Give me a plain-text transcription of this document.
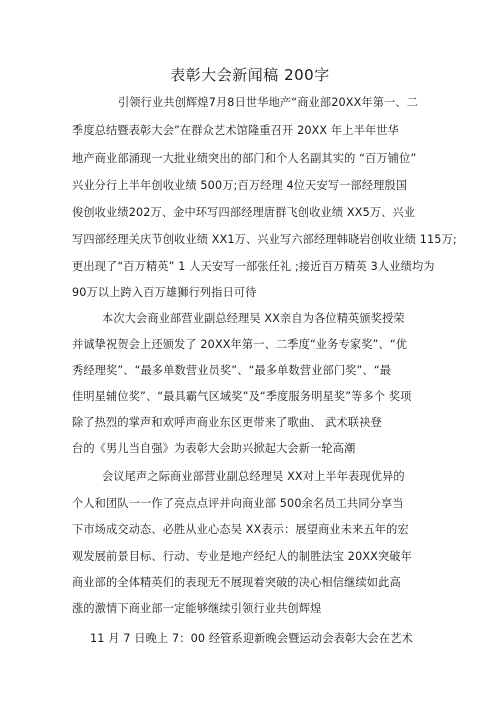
表彰大会新闻稿 200字
引领行业共创辉煌7月8日世华地产“商业部20XX年第一、二
季度总结暨表彰大会”在群众艺术馆隆重召开 20XX 年上半年世华
地产商业部涌现一大批业绩突出的部门和个人名副其实的 “百万铺位”
兴业分行上半年创收业绩 500万;百万经理 4位天安写一部经理殷国
俊创收业绩202万、金中环写四部经理唐群飞创收业绩 XX5万、兴业
写四部经理关庆节创收业绩 XX1万、兴业写六部经理韩晓岩创收业绩 115万;
更出现了“百万精英” 1 人天安写一部张任礼 ;接近百万精英 3人业绩均为
90万以上跨入百万雄狮行列指日可待
本次大会商业部营业副总经理吴 XX亲自为各位精英颁奖授荣
并诚挚祝贺会上还颁发了 20XX年第一、二季度“业务专家奖”、“优
秀经理奖”、“最多单数营业员奖”、“最多单数营业部门奖”、“最
佳明星辅位奖”、“最具霸气区域奖”及“季度服务明星奖”等多个 奖项
除了热烈的掌声和欢呼声商业东区更带来了歌曲、 武术联袂登
台的《男儿当自强》为表彰大会助兴掀起大会新一轮高潮
会议尾声之际商业部营业副总经理吴 XX对上半年表现优异的
个人和团队一一作了亮点点评并向商业部 500余名员工共同分享当
下市场成交动态、必胜从业心态吴 XX表示：展望商业未来五年的宏
观发展前景目标、行动、专业是地产经纪人的制胜法宝 20XX突破年
商业部的全体精英们的表现无不展现着突破的决心相信继续如此高
涨的激情下商业部一定能够继续引领行业共创辉煌
11 月 7 日晚上 7：00 经管系迎新晚会暨运动会表彰大会在艺术
